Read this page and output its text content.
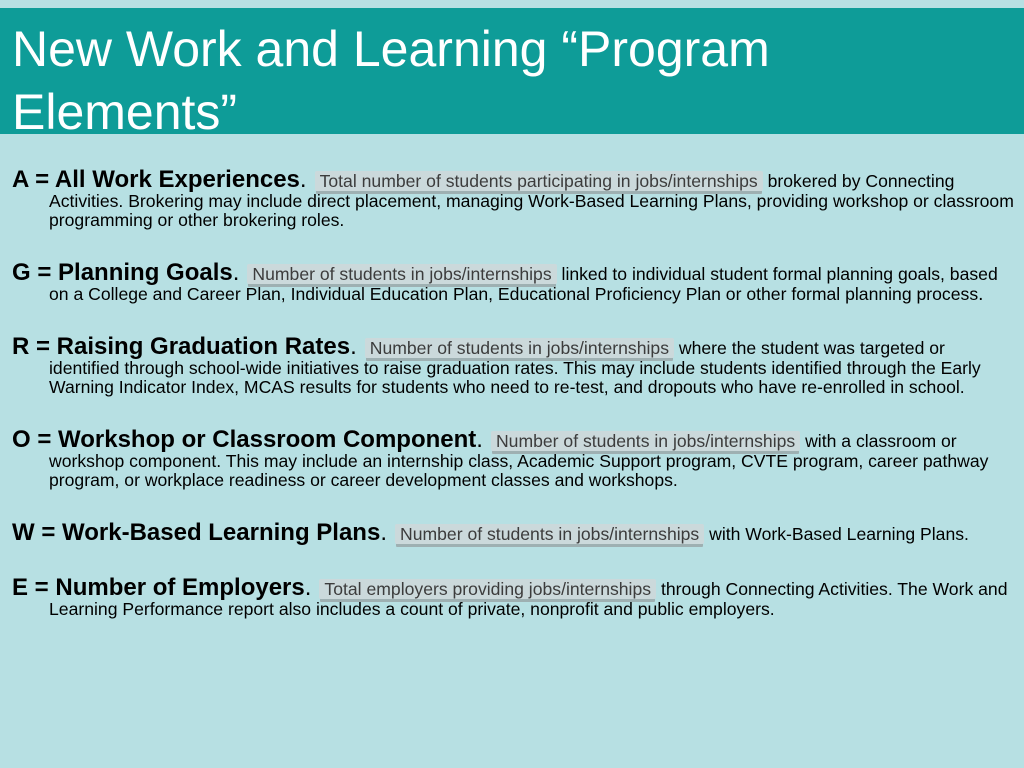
New Work and Learning “Program Elements”
A = All Work Experiences. Total number of students participating in jobs/internships brokered by Connecting Activities. Brokering may include direct placement, managing Work-Based Learning Plans, providing workshop or classroom programming or other brokering roles.
G = Planning Goals. Number of students in jobs/internships linked to individual student formal planning goals, based on a College and Career Plan, Individual Education Plan, Educational Proficiency Plan or other formal planning process.
R = Raising Graduation Rates. Number of students in jobs/internships where the student was targeted or identified through school-wide initiatives to raise graduation rates. This may include students identified through the Early Warning Indicator Index, MCAS results for students who need to re-test, and dropouts who have re-enrolled in school.
O = Workshop or Classroom Component. Number of students in jobs/internships with a classroom or workshop component. This may include an internship class, Academic Support program, CVTE program, career pathway program, or workplace readiness or career development classes and workshops.
W = Work-Based Learning Plans. Number of students in jobs/internships with Work-Based Learning Plans.
E = Number of Employers. Total employers providing jobs/internships through Connecting Activities. The Work and Learning Performance report also includes a count of private, nonprofit and public employers.
